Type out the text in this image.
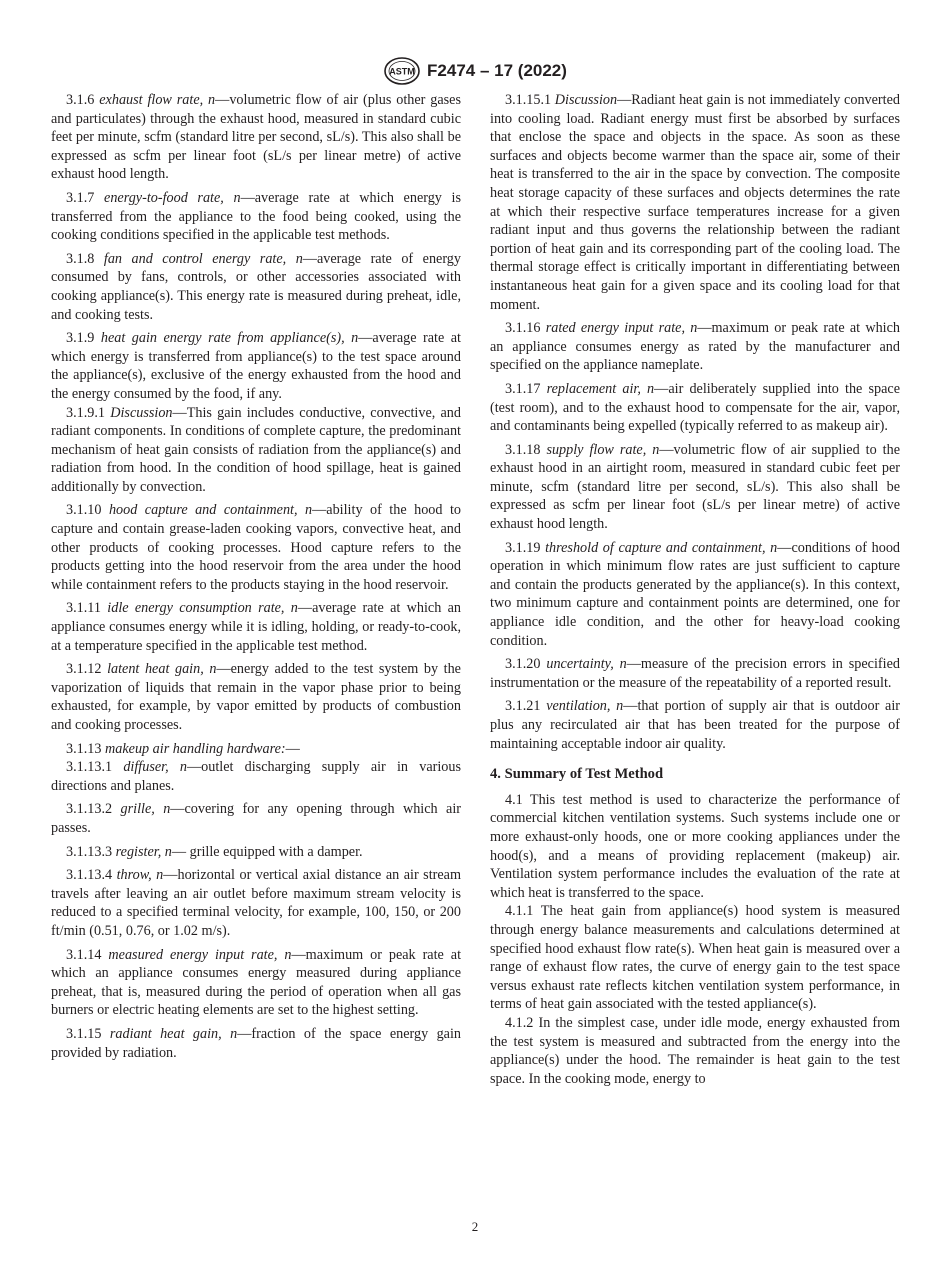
ASTM F2474 – 17 (2022)

3.1.6 exhaust flow rate, n—volumetric flow of air (plus other gases and particulates) through the exhaust hood, measured in standard cubic feet per minute, scfm (standard litre per second, sL/s). This also shall be expressed as scfm per linear foot (sL/s per linear metre) of active exhaust hood length.

3.1.7 energy-to-food rate, n—average rate at which energy is transferred from the appliance to the food being cooked, using the cooking conditions specified in the applicable test methods.

3.1.8 fan and control energy rate, n—average rate of energy consumed by fans, controls, or other accessories associated with cooking appliance(s). This energy rate is measured during preheat, idle, and cooking tests.

3.1.9 heat gain energy rate from appliance(s), n—average rate at which energy is transferred from appliance(s) to the test space around the appliance(s), exclusive of the energy exhausted from the hood and the energy consumed by the food, if any.

3.1.9.1 Discussion—This gain includes conductive, convective, and radiant components. In conditions of complete capture, the predominant mechanism of heat gain consists of radiation from the appliance(s) and radiation from hood. In the condition of hood spillage, heat is gained additionally by convection.

3.1.10 hood capture and containment, n—ability of the hood to capture and contain grease-laden cooking vapors, convective heat, and other products of cooking processes. Hood capture refers to the products getting into the hood reservoir from the area under the hood while containment refers to the products staying in the hood reservoir.

3.1.11 idle energy consumption rate, n—average rate at which an appliance consumes energy while it is idling, holding, or ready-to-cook, at a temperature specified in the applicable test method.

3.1.12 latent heat gain, n—energy added to the test system by the vaporization of liquids that remain in the vapor phase prior to being exhausted, for example, by vapor emitted by products of combustion and cooking processes.

3.1.13 makeup air handling hardware:—

3.1.13.1 diffuser, n—outlet discharging supply air in various directions and planes.

3.1.13.2 grille, n—covering for any opening through which air passes.

3.1.13.3 register, n— grille equipped with a damper.

3.1.13.4 throw, n—horizontal or vertical axial distance an air stream travels after leaving an air outlet before maximum stream velocity is reduced to a specified terminal velocity, for example, 100, 150, or 200 ft/min (0.51, 0.76, or 1.02 m/s).

3.1.14 measured energy input rate, n—maximum or peak rate at which an appliance consumes energy measured during appliance preheat, that is, measured during the period of operation when all gas burners or electric heating elements are set to the highest setting.

3.1.15 radiant heat gain, n—fraction of the space energy gain provided by radiation.

3.1.15.1 Discussion—Radiant heat gain is not immediately converted into cooling load. Radiant energy must first be absorbed by surfaces that enclose the space and objects in the space. As soon as these surfaces and objects become warmer than the space air, some of their heat is transferred to the air in the space by convection. The composite heat storage capacity of these surfaces and objects determines the rate at which their respective surface temperatures increase for a given radiant input and thus governs the relationship between the radiant portion of heat gain and its corresponding part of the cooling load. The thermal storage effect is critically important in differentiating between instantaneous heat gain for a given space and its cooling load for that moment.

3.1.16 rated energy input rate, n—maximum or peak rate at which an appliance consumes energy as rated by the manufacturer and specified on the appliance nameplate.

3.1.17 replacement air, n—air deliberately supplied into the space (test room), and to the exhaust hood to compensate for the air, vapor, and contaminants being expelled (typically referred to as makeup air).

3.1.18 supply flow rate, n—volumetric flow of air supplied to the exhaust hood in an airtight room, measured in standard cubic feet per minute, scfm (standard litre per second, sL/s). This also shall be expressed as scfm per linear foot (sL/s per linear metre) of active exhaust hood length.

3.1.19 threshold of capture and containment, n—conditions of hood operation in which minimum flow rates are just sufficient to capture and contain the products generated by the appliance(s). In this context, two minimum capture and containment points are determined, one for appliance idle condition, and the other for heavy-load cooking condition.

3.1.20 uncertainty, n—measure of the precision errors in specified instrumentation or the measure of the repeatability of a reported result.

3.1.21 ventilation, n—that portion of supply air that is outdoor air plus any recirculated air that has been treated for the purpose of maintaining acceptable indoor air quality.

4. Summary of Test Method

4.1 This test method is used to characterize the performance of commercial kitchen ventilation systems. Such systems include one or more exhaust-only hoods, one or more cooking appliances under the hood(s), and a means of providing replacement (makeup) air. Ventilation system performance includes the evaluation of the rate at which heat is transferred to the space.

4.1.1 The heat gain from appliance(s) hood system is measured through energy balance measurements and calculations determined at specified hood exhaust flow rate(s). When heat gain is measured over a range of exhaust flow rates, the curve of energy gain to the test space versus exhaust rate reflects kitchen ventilation system performance, in terms of heat gain associated with the tested appliance(s).

4.1.2 In the simplest case, under idle mode, energy exhausted from the test system is measured and subtracted from the energy into the appliance(s) under the hood. The remainder is heat gain to the test space. In the cooking mode, energy to

2
